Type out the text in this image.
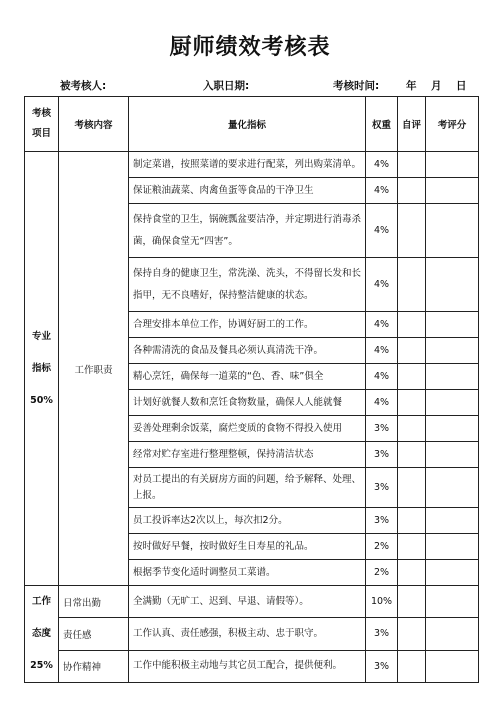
厨师绩效考核表
被考核人:	入职日期:	考核时间:	年 月 日
考核项目	考核内容	量化指标	权重	自评	考评分

专业
指标
50%	工作职责	制定菜谱，按照菜谱的要求进行配菜，列出购菜清单。	4%		
		保证粮油蔬菜、肉禽鱼蛋等食品的干净卫生	4%		
		保持食堂的卫生，锅碗瓢盆要洁净，并定期进行消毒杀菌，确保食堂无“四害”。	4%		
		保持自身的健康卫生，常洗澡、洗头，不得留长发和长指甲，无不良嗜好，保持整洁健康的状态。	4%		
		合理安排本单位工作，协调好厨工的工作。	4%		
		各种需清洗的食品及餐具必须认真清洗干净。	4%		
		精心烹饪，确保每一道菜的“色、香、味”俱全	4%		
		计划好就餐人数和烹饪食物数量，确保人人能就餐	4%		
		妥善处理剩余饭菜，腐烂变质的食物不得投入使用	3%		
		经常对贮存室进行整理整顿，保持清洁状态	3%		
		对员工提出的有关厨房方面的问题，给予解释、处理、上报。	3%		
		员工投诉率达2次以上，每次扣2分。	3%		
		按时做好早餐，按时做好生日寿星的礼品。	2%		
		根据季节变化适时调整员工菜谱。	2%		

工作
态度
25%	日常出勤	全满勤（无旷工、迟到、早退、请假等）。	10%		
	责任感	工作认真、责任感强，积极主动、忠于职守。	3%		
	协作精神	工作中能积极主动地与其它员工配合，提供便利。	3%		
